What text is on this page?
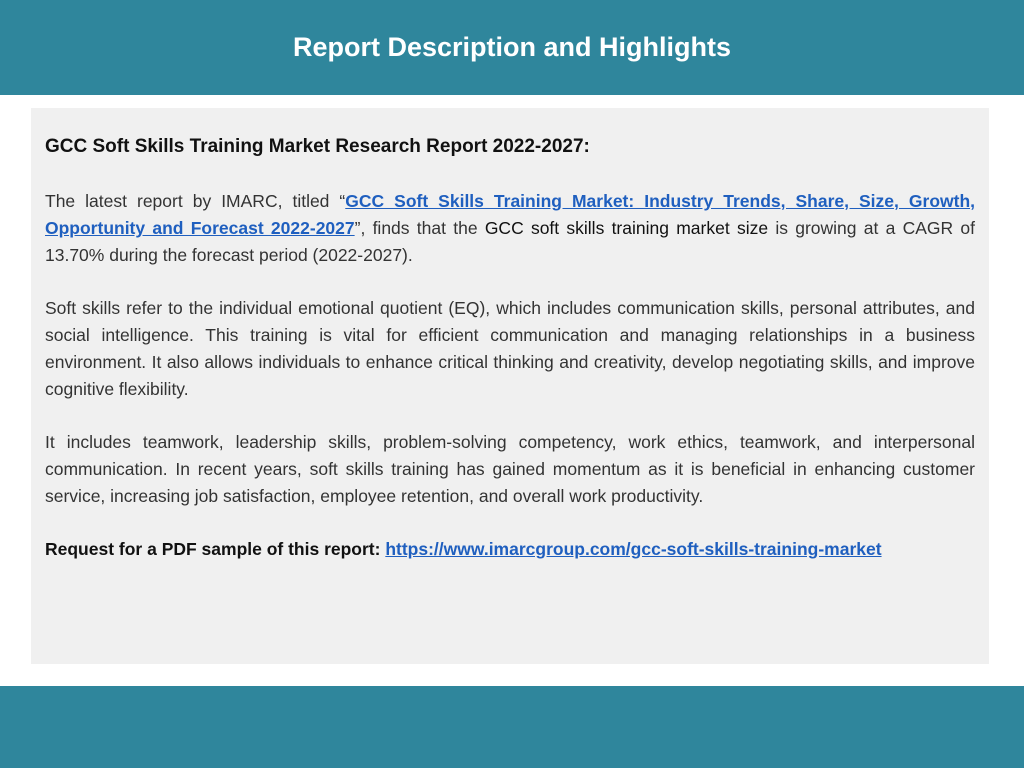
Report Description and Highlights

GCC Soft Skills Training Market Research Report 2022-2027:

The latest report by IMARC, titled “GCC Soft Skills Training Market: Industry Trends, Share, Size, Growth, Opportunity and Forecast 2022-2027”, finds that the GCC soft skills training market size is growing at a CAGR of 13.70% during the forecast period (2022-2027).

Soft skills refer to the individual emotional quotient (EQ), which includes communication skills, personal attributes, and social intelligence. This training is vital for efficient communication and managing relationships in a business environment. It also allows individuals to enhance critical thinking and creativity, develop negotiating skills, and improve cognitive flexibility.

It includes teamwork, leadership skills, problem-solving competency, work ethics, teamwork, and interpersonal communication. In recent years, soft skills training has gained momentum as it is beneficial in enhancing customer service, increasing job satisfaction, employee retention, and overall work productivity.

Request for a PDF sample of this report: https://www.imarcgroup.com/gcc-soft-skills-training-market
